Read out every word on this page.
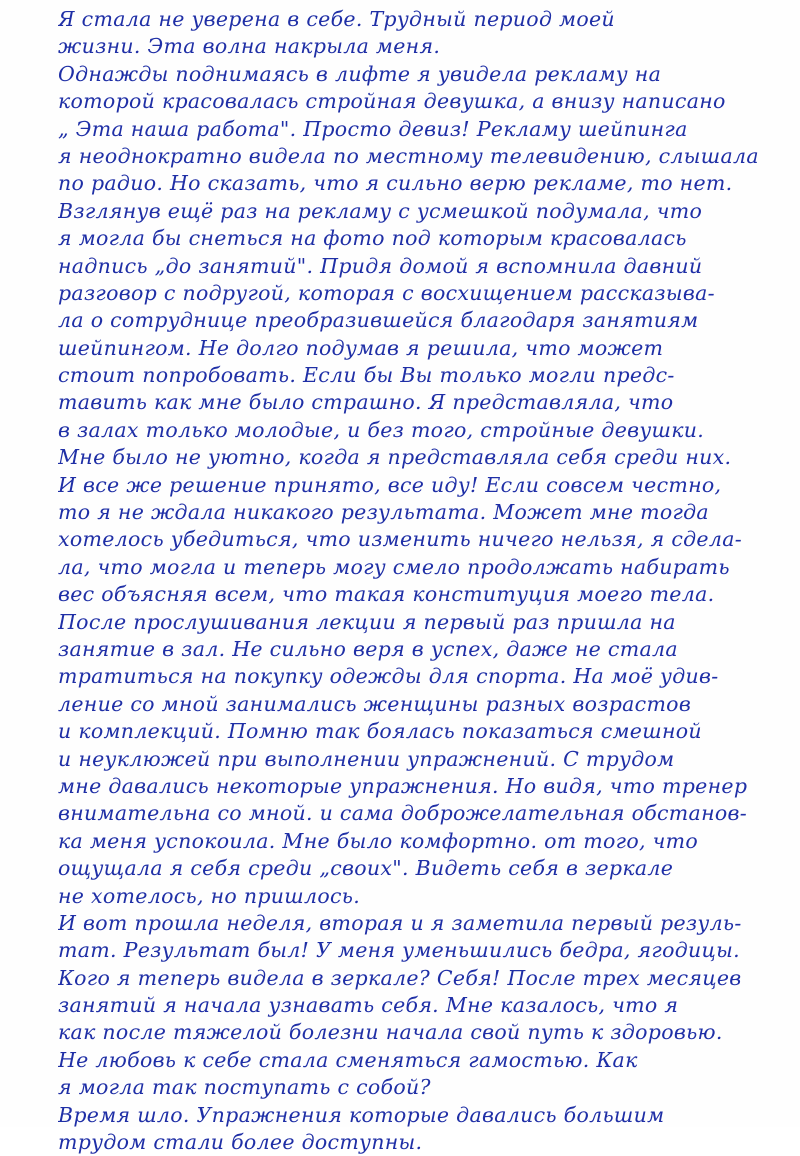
Я стала не уверена в себе. Трудный период моей
жизни. Эта волна накрыла меня.
Однажды поднимаясь в лифте я увидела рекламу на
которой красовалась стройная девушка, а внизу написано
„ Эта наша работа". Просто девиз! Рекламу шейпинга
я неоднократно видела по местному телевидению, слышала
по радио. Но сказать, что я сильно верю рекламе, то нет.
Взглянув ещё раз на рекламу с усмешкой подумала, что
я могла бы снеться на фото под которым красовалась
надпись „до занятий". Придя домой я вспомнила давний
разговор с подругой, которая с восхищением рассказыва-
ла о сотруднице преобразившейся благодаря занятиям
шейпингом. Не долго подумав я решила, что может
стоит попробовать. Если бы Вы только могли предс-
тавить как мне было страшно. Я представляла, что
в залах только молодые, и без того, стройные девушки.
Мне было не уютно, когда я представляла себя среди них.
И все же решение принято, все иду! Если совсем честно,
то я не ждала никакого результата. Может мне тогда
хотелось убедиться, что изменить ничего нельзя, я сдела-
ла, что могла и теперь могу смело продолжать набирать
вес объясняя всем, что такая конституция моего тела.
После прослушивания лекции я первый раз пришла на
занятие в зал. Не сильно веря в успех, даже не стала
тратиться на покупку одежды для спорта. На моё удив-
ление со мной занимались женщины разных возрастов
и комплекций. Помню так боялась показаться смешной
и неуклюжей при выполнении упражнений. С трудом
мне давались некоторые упражнения. Но видя, что тренер
внимательна со мной. и сама доброжелательная обстанов-
ка меня успокоила. Мне было комфортно. от того, что
ощущала я себя среди „своих". Видеть себя в зеркале
не хотелось, но пришлось.
И вот прошла неделя, вторая и я заметила первый резуль-
тат. Результат был! У меня уменьшились бедра, ягодицы.
Кого я теперь видела в зеркале? Себя! После трех месяцев
занятий я начала узнавать себя. Мне казалось, что я
как после тяжелой болезни начала свой путь к здоровью.
Не любовь к себе стала сменяться гамостью. Как
я могла так поступать с собой?
Время шло. Упражнения которые давались большим
трудом стали более доступны.
